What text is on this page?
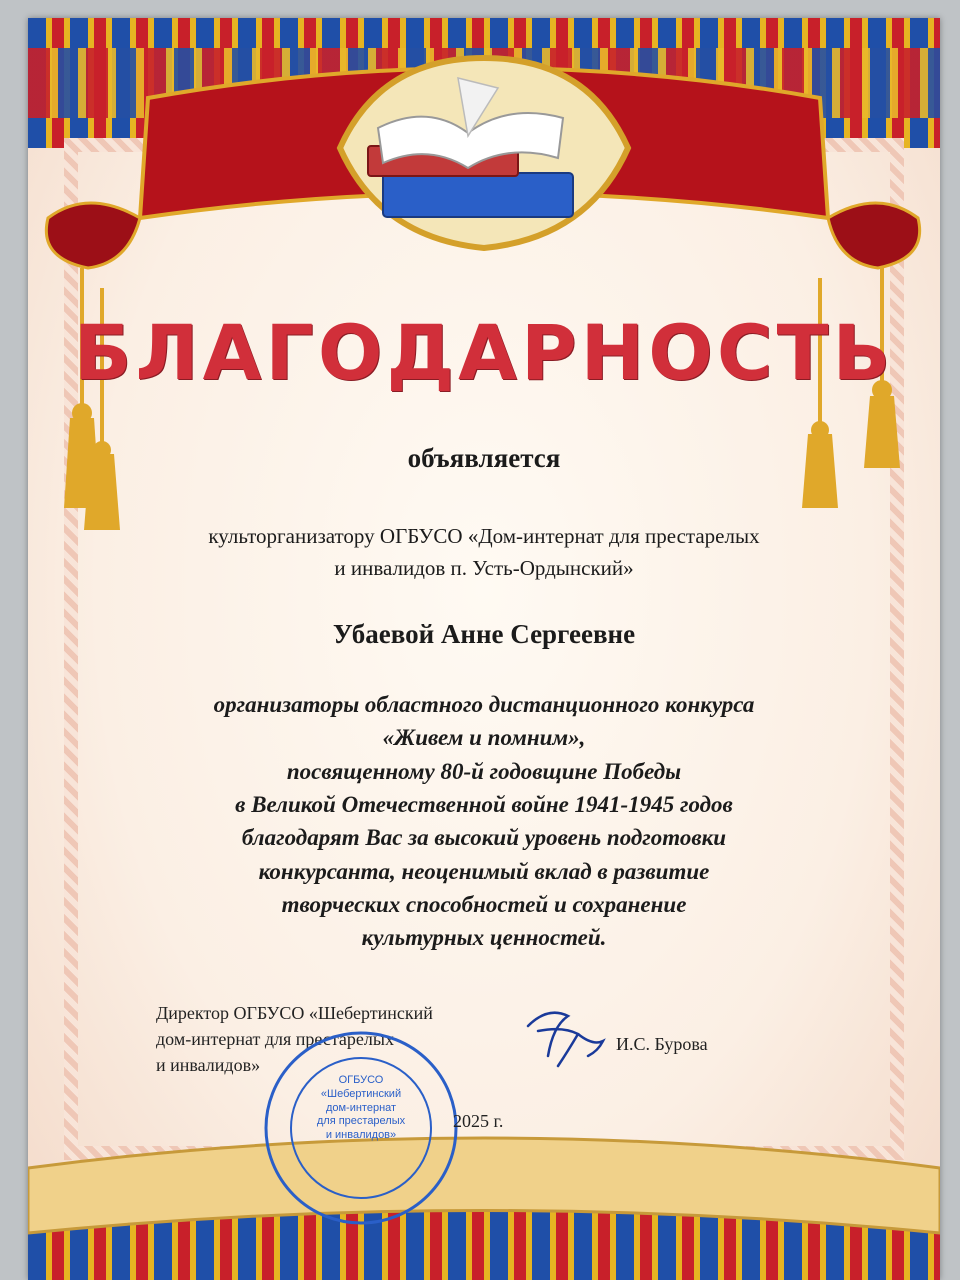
БЛАГОДАРНОСТЬ
объявляется
культорганизатору ОГБУСО «Дом-интернат для престарелых
и инвалидов п. Усть-Ордынский»
Убаевой Анне Сергеевне
организаторы областного дистанционного конкурса
«Живем и помним»,
посвященному 80-й годовщине Победы
в Великой Отечественной войне 1941-1945 годов
благодарят Вас за высокий уровень подготовки
конкурсанта, неоценимый вклад в развитие
творческих способностей и сохранение
культурных ценностей.
Директор ОГБУСО «Шебертинский
дом-интернат для престарелых
и инвалидов»
ОГБУСО
«Шебертинский
дом-интернат
для престарелых
и инвалидов»
И.С. Бурова
2025 г.
